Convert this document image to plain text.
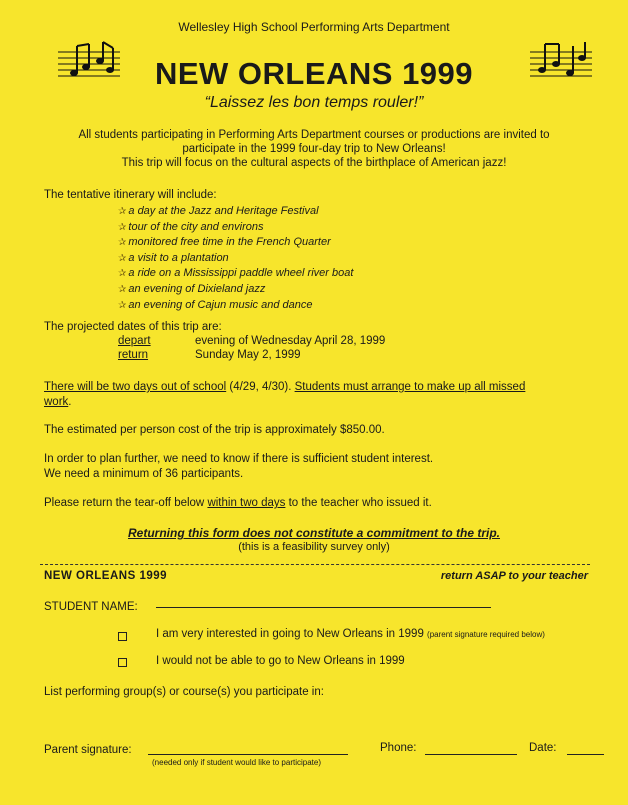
Wellesley High School Performing Arts Department
NEW ORLEANS 1999
“Laissez les bon temps rouler!”
All students participating in Performing Arts Department courses or productions are invited to
participate in the 1999 four-day trip to New Orleans!
This trip will focus on the cultural aspects of the birthplace of American jazz!
The tentative itinerary will include:
✰ a day at the Jazz and Heritage Festival
✰ tour of the city and environs
✰ monitored free time in the French Quarter
✰ a visit to a plantation
✰ a ride on a Mississippi paddle wheel river boat
✰ an evening of Dixieland jazz
✰ an evening of Cajun music and dance
The projected dates of this trip are:
depart	evening of Wednesday April 28, 1999
return	Sunday May 2, 1999
There will be two days out of school (4/29, 4/30). Students must arrange to make up all missed
work.
The estimated per person cost of the trip is approximately $850.00.
In order to plan further, we need to know if there is sufficient student interest.
We need a minimum of 36 participants.
Please return the tear-off below within two days to the teacher who issued it.
Returning this form does not constitute a commitment to the trip.
(this is a feasibility survey only)
NEW ORLEANS 1999	return ASAP to your teacher
STUDENT NAME:
I am very interested in going to New Orleans in 1999 (parent signature required below)
I would not be able to go to New Orleans in 1999
List performing group(s) or course(s) you participate in:
Parent signature:
(needed only if student would like to participate)
Phone:	Date:
